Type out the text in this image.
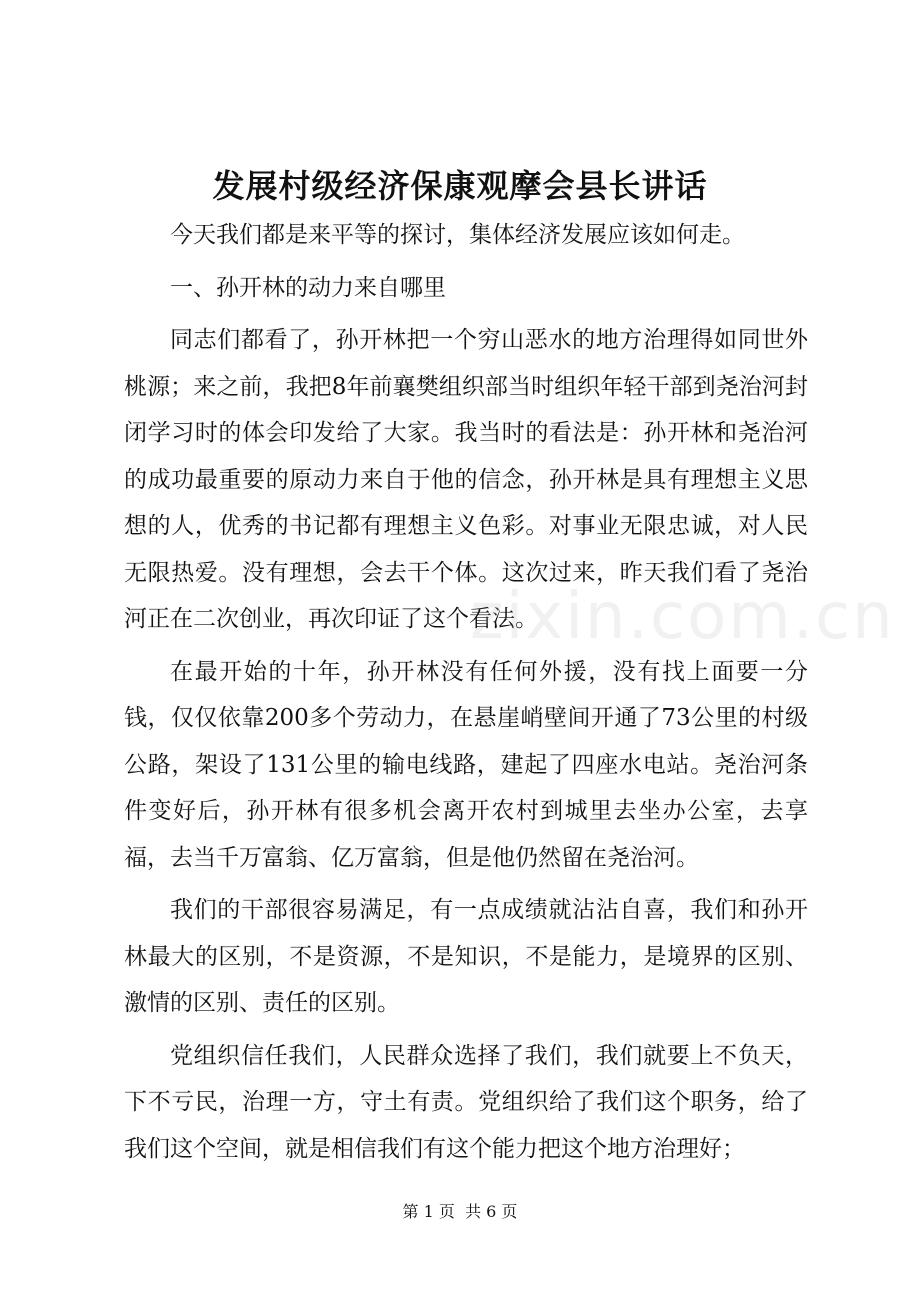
发展村级经济保康观摩会县长讲话

今天我们都是来平等的探讨，集体经济发展应该如何走。

一、孙开林的动力来自哪里

同志们都看了，孙开林把一个穷山恶水的地方治理得如同世外桃源；来之前，我把8年前襄樊组织部当时组织年轻干部到尧治河封闭学习时的体会印发给了大家。我当时的看法是：孙开林和尧治河的成功最重要的原动力来自于他的信念，孙开林是具有理想主义思想的人，优秀的书记都有理想主义色彩。对事业无限忠诚，对人民无限热爱。没有理想，会去干个体。这次过来，昨天我们看了尧治河正在二次创业，再次印证了这个看法。

在最开始的十年，孙开林没有任何外援，没有找上面要一分钱，仅仅依靠200多个劳动力，在悬崖峭壁间开通了73公里的村级公路，架设了131公里的输电线路，建起了四座水电站。尧治河条件变好后，孙开林有很多机会离开农村到城里去坐办公室，去享福，去当千万富翁、亿万富翁，但是他仍然留在尧治河。

我们的干部很容易满足，有一点成绩就沾沾自喜，我们和孙开林最大的区别，不是资源，不是知识，不是能力，是境界的区别、激情的区别、责任的区别。

党组织信任我们，人民群众选择了我们，我们就要上不负天，下不亏民，治理一方，守土有责。党组织给了我们这个职务，给了我们这个空间，就是相信我们有这个能力把这个地方治理好；

zixin.com.cn
第 1 页  共 6 页
